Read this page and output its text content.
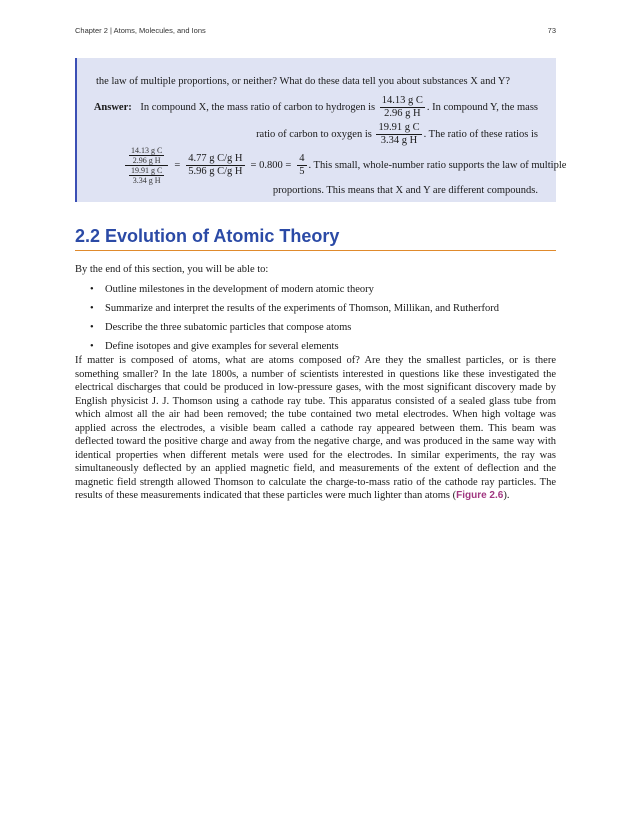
Chapter 2 | Atoms, Molecules, and Ions	73
the law of multiple proportions, or neither? What do these data tell you about substances X and Y?
Answer: In compound X, the mass ratio of carbon to hydrogen is $\frac{\text{14.13 g C}}{\text{2.96 g H}}$ . In compound Y, the mass
ratio of carbon to oxygen is $\frac{\text{19.91 g C}}{\text{3.34 g H}}$ . The ratio of these ratios is
$\frac{\frac{\text{14.13 g C}}{\text{2.96 g H}}}{\frac{\text{19.91 g C}}{\text{3.34 g H}}} = \frac{\text{4.77 g C/g H}}{\text{5.96 g C/g H}} = 0.800 = \frac{4}{5}$ . This small, whole-number ratio supports the law of multiple
proportions. This means that X and Y are different compounds.
2.2 Evolution of Atomic Theory
By the end of this section, you will be able to:
• Outline milestones in the development of modern atomic theory
• Summarize and interpret the results of the experiments of Thomson, Millikan, and Rutherford
• Describe the three subatomic particles that compose atoms
• Define isotopes and give examples for several elements
If matter is composed of atoms, what are atoms composed of? Are they the smallest particles, or is there something smaller? In the late 1800s, a number of scientists interested in questions like these investigated the electrical discharges that could be produced in low-pressure gases, with the most significant discovery made by English physicist J. J. Thomson using a cathode ray tube. This apparatus consisted of a sealed glass tube from which almost all the air had been removed; the tube contained two metal electrodes. When high voltage was applied across the electrodes, a visible beam called a cathode ray appeared between them. This beam was deflected toward the positive charge and away from the negative charge, and was produced in the same way with identical properties when different metals were used for the electrodes. In similar experiments, the ray was simultaneously deflected by an applied magnetic field, and measurements of the extent of deflection and the magnetic field strength allowed Thomson to calculate the charge-to-mass ratio of the cathode ray particles. The results of these measurements indicated that these particles were much lighter than atoms (Figure 2.6).
